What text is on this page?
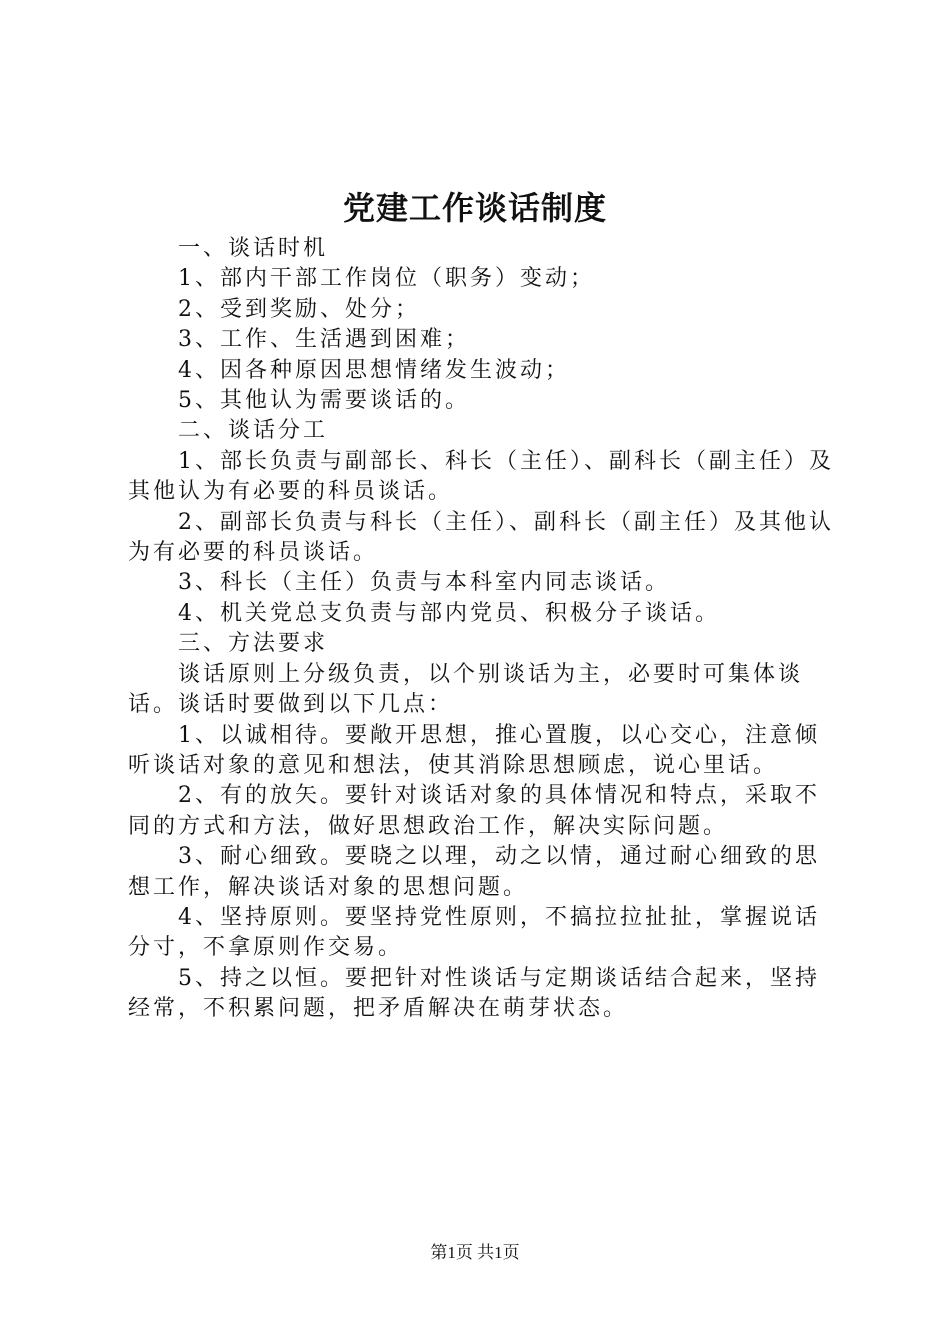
党建工作谈话制度

一、谈话时机

1、部内干部工作岗位（职务）变动；

2、受到奖励、处分；

3、工作、生活遇到困难；

4、因各种原因思想情绪发生波动；

5、其他认为需要谈话的。

二、谈话分工

1、部长负责与副部长、科长（主任）、副科长（副主任）及其他认为有必要的科员谈话。

2、副部长负责与科长（主任）、副科长（副主任）及其他认为有必要的科员谈话。

3、科长（主任）负责与本科室内同志谈话。

4、机关党总支负责与部内党员、积极分子谈话。

三、方法要求

谈话原则上分级负责，以个别谈话为主，必要时可集体谈话。谈话时要做到以下几点：

1、以诚相待。要敞开思想，推心置腹，以心交心，注意倾听谈话对象的意见和想法，使其消除思想顾虑，说心里话。

2、有的放矢。要针对谈话对象的具体情况和特点，采取不同的方式和方法，做好思想政治工作，解决实际问题。

3、耐心细致。要晓之以理，动之以情，通过耐心细致的思想工作，解决谈话对象的思想问题。

4、坚持原则。要坚持党性原则，不搞拉拉扯扯，掌握说话分寸，不拿原则作交易。

5、持之以恒。要把针对性谈话与定期谈话结合起来，坚持经常，不积累问题，把矛盾解决在萌芽状态。

第1页 共1页
